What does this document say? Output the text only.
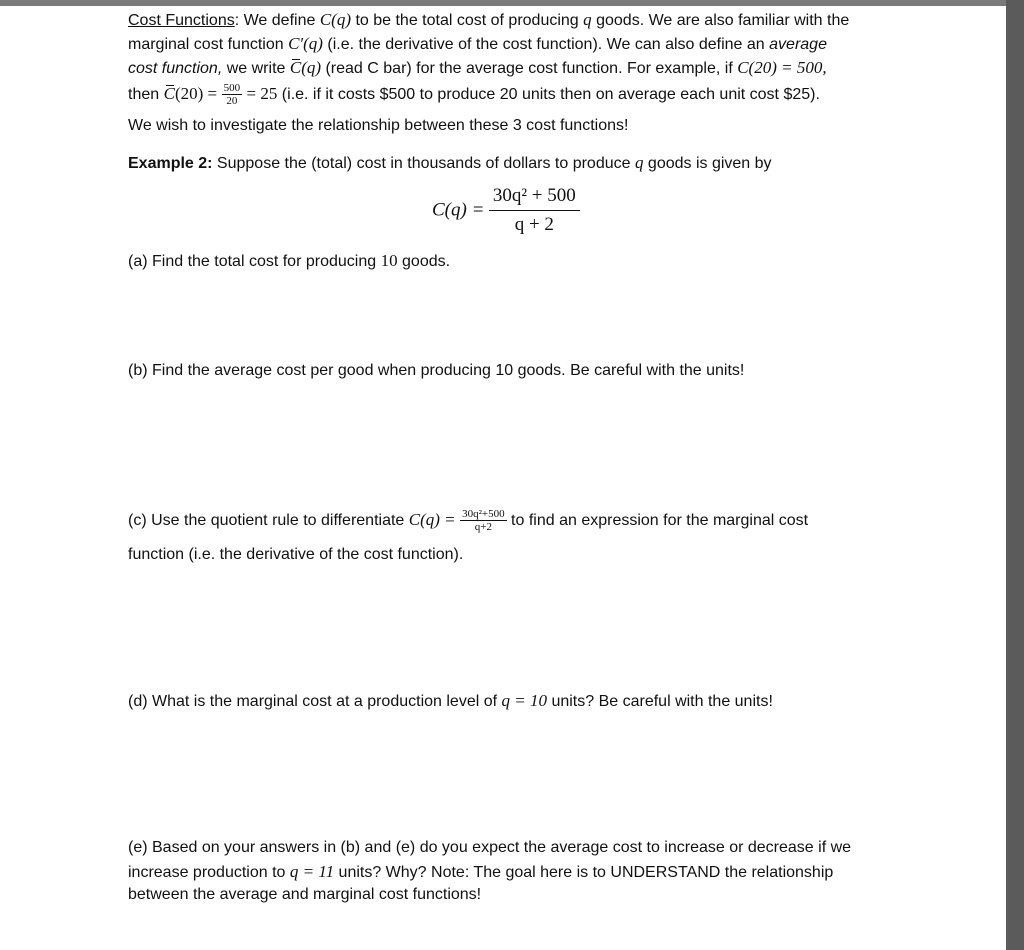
Cost Functions: We define C(q) to be the total cost of producing q goods. We are also familiar with the
marginal cost function C′(q) (i.e. the derivative of the cost function). We can also define an average
cost function, we write C(q) (read C bar) for the average cost function. For example, if C(20) = 500,
then $C(20) = \frac{500}{20} = 25$ (i.e. if it costs $500 to produce 20 units then on average each unit cost $25).
We wish to investigate the relationship between these 3 cost functions!
Example 2: Suppose the (total) cost in thousands of dollars to produce q goods is given by
$C(q) = \frac{\text{30q² + 500}}{q + 2}$
(a) Find the total cost for producing 10 goods.
(b) Find the average cost per good when producing 10 goods. Be careful with the units!
(c) Use the quotient rule to differentiate $C(q) = \frac{\text{30q²+500}}{q+2}$ to find an expression for the marginal cost
function (i.e. the derivative of the cost function).
(d) What is the marginal cost at a production level of q = 10 units? Be careful with the units!
(e) Based on your answers in (b) and (e) do you expect the average cost to increase or decrease if we
increase production to q = 11 units? Why? Note: The goal here is to UNDERSTAND the relationship
between the average and marginal cost functions!
